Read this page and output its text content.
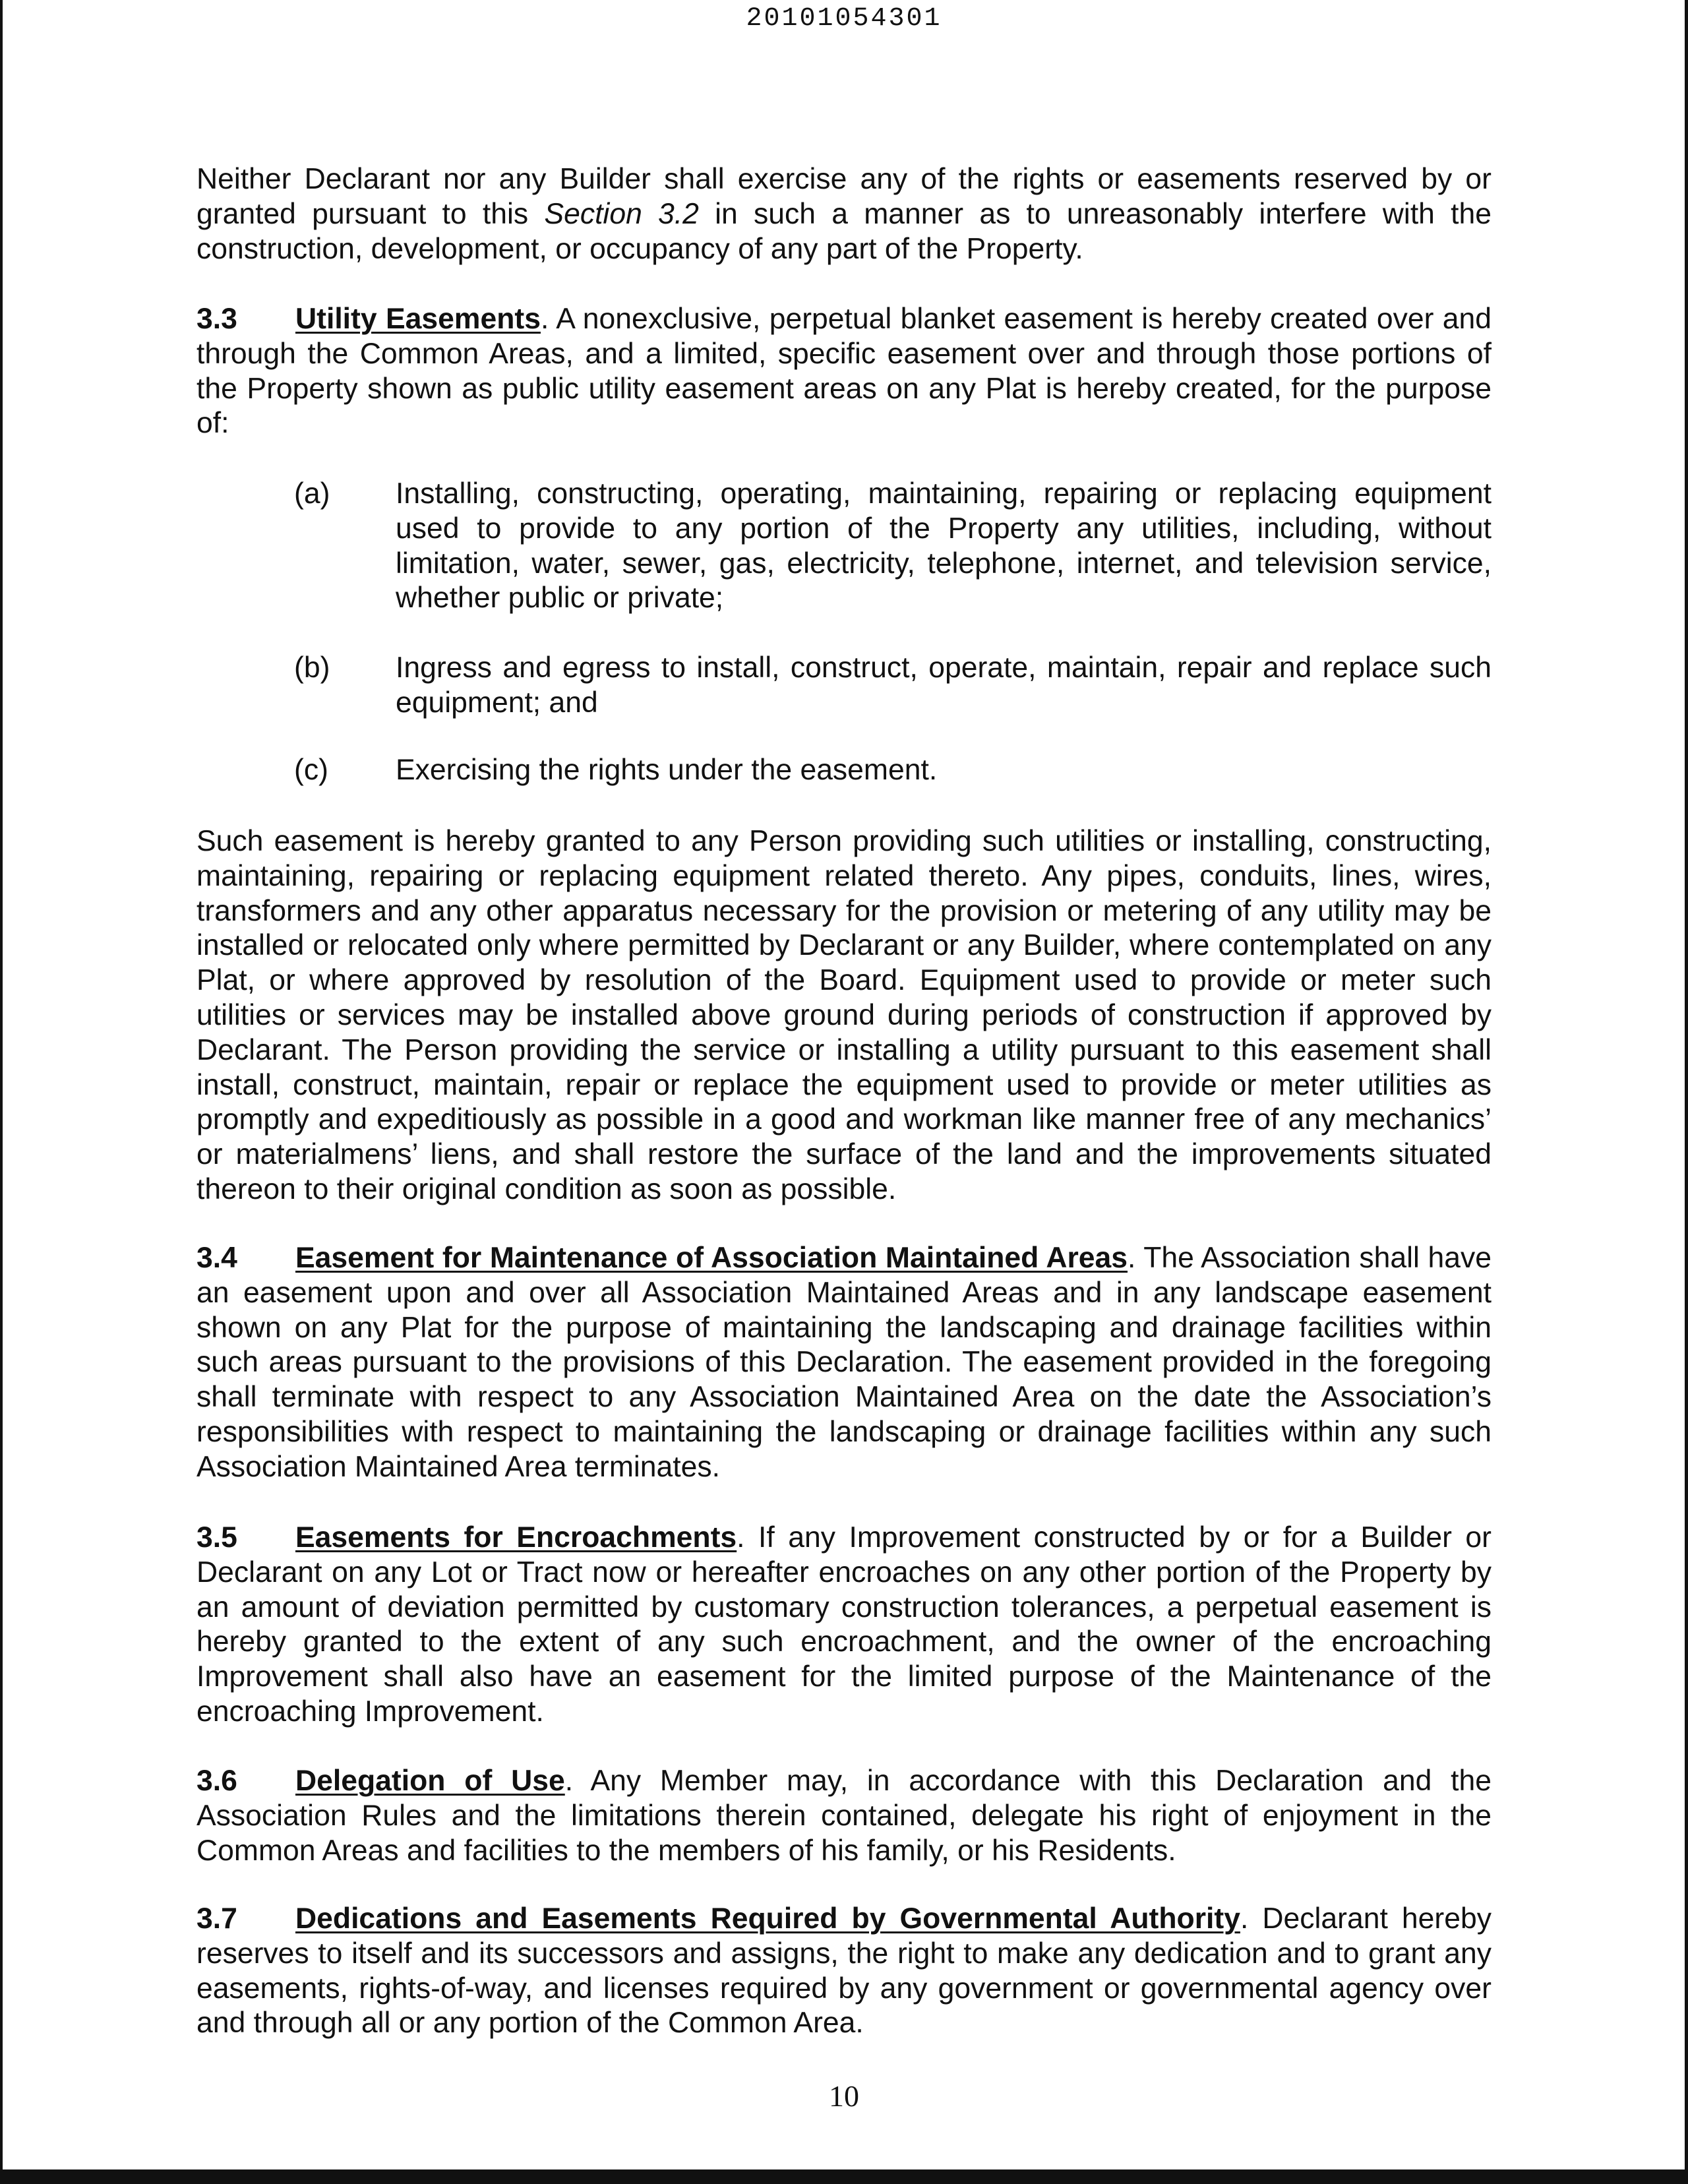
20101054301
Neither Declarant nor any Builder shall exercise any of the rights or easements reserved by or granted pursuant to this Section 3.2 in such a manner as to unreasonably interfere with the construction, development, or occupancy of any part of the Property.
3.3 Utility Easements. A nonexclusive, perpetual blanket easement is hereby created over and through the Common Areas, and a limited, specific easement over and through those portions of the Property shown as public utility easement areas on any Plat is hereby created, for the purpose of:
(a) Installing, constructing, operating, maintaining, repairing or replacing equipment used to provide to any portion of the Property any utilities, including, without limitation, water, sewer, gas, electricity, telephone, internet, and television service, whether public or private;
(b) Ingress and egress to install, construct, operate, maintain, repair and replace such equipment; and
(c) Exercising the rights under the easement.
Such easement is hereby granted to any Person providing such utilities or installing, constructing, maintaining, repairing or replacing equipment related thereto. Any pipes, conduits, lines, wires, transformers and any other apparatus necessary for the provision or metering of any utility may be installed or relocated only where permitted by Declarant or any Builder, where contemplated on any Plat, or where approved by resolution of the Board. Equipment used to provide or meter such utilities or services may be installed above ground during periods of construction if approved by Declarant. The Person providing the service or installing a utility pursuant to this easement shall install, construct, maintain, repair or replace the equipment used to provide or meter utilities as promptly and expeditiously as possible in a good and workman like manner free of any mechanics’ or materialmens’ liens, and shall restore the surface of the land and the improvements situated thereon to their original condition as soon as possible.
3.4 Easement for Maintenance of Association Maintained Areas. The Association shall have an easement upon and over all Association Maintained Areas and in any landscape easement shown on any Plat for the purpose of maintaining the landscaping and drainage facilities within such areas pursuant to the provisions of this Declaration. The easement provided in the foregoing shall terminate with respect to any Association Maintained Area on the date the Association’s responsibilities with respect to maintaining the landscaping or drainage facilities within any such Association Maintained Area terminates.
3.5 Easements for Encroachments. If any Improvement constructed by or for a Builder or Declarant on any Lot or Tract now or hereafter encroaches on any other portion of the Property by an amount of deviation permitted by customary construction tolerances, a perpetual easement is hereby granted to the extent of any such encroachment, and the owner of the encroaching Improvement shall also have an easement for the limited purpose of the Maintenance of the encroaching Improvement.
3.6 Delegation of Use. Any Member may, in accordance with this Declaration and the Association Rules and the limitations therein contained, delegate his right of enjoyment in the Common Areas and facilities to the members of his family, or his Residents.
3.7 Dedications and Easements Required by Governmental Authority. Declarant hereby reserves to itself and its successors and assigns, the right to make any dedication and to grant any easements, rights-of-way, and licenses required by any government or governmental agency over and through all or any portion of the Common Area.
10
